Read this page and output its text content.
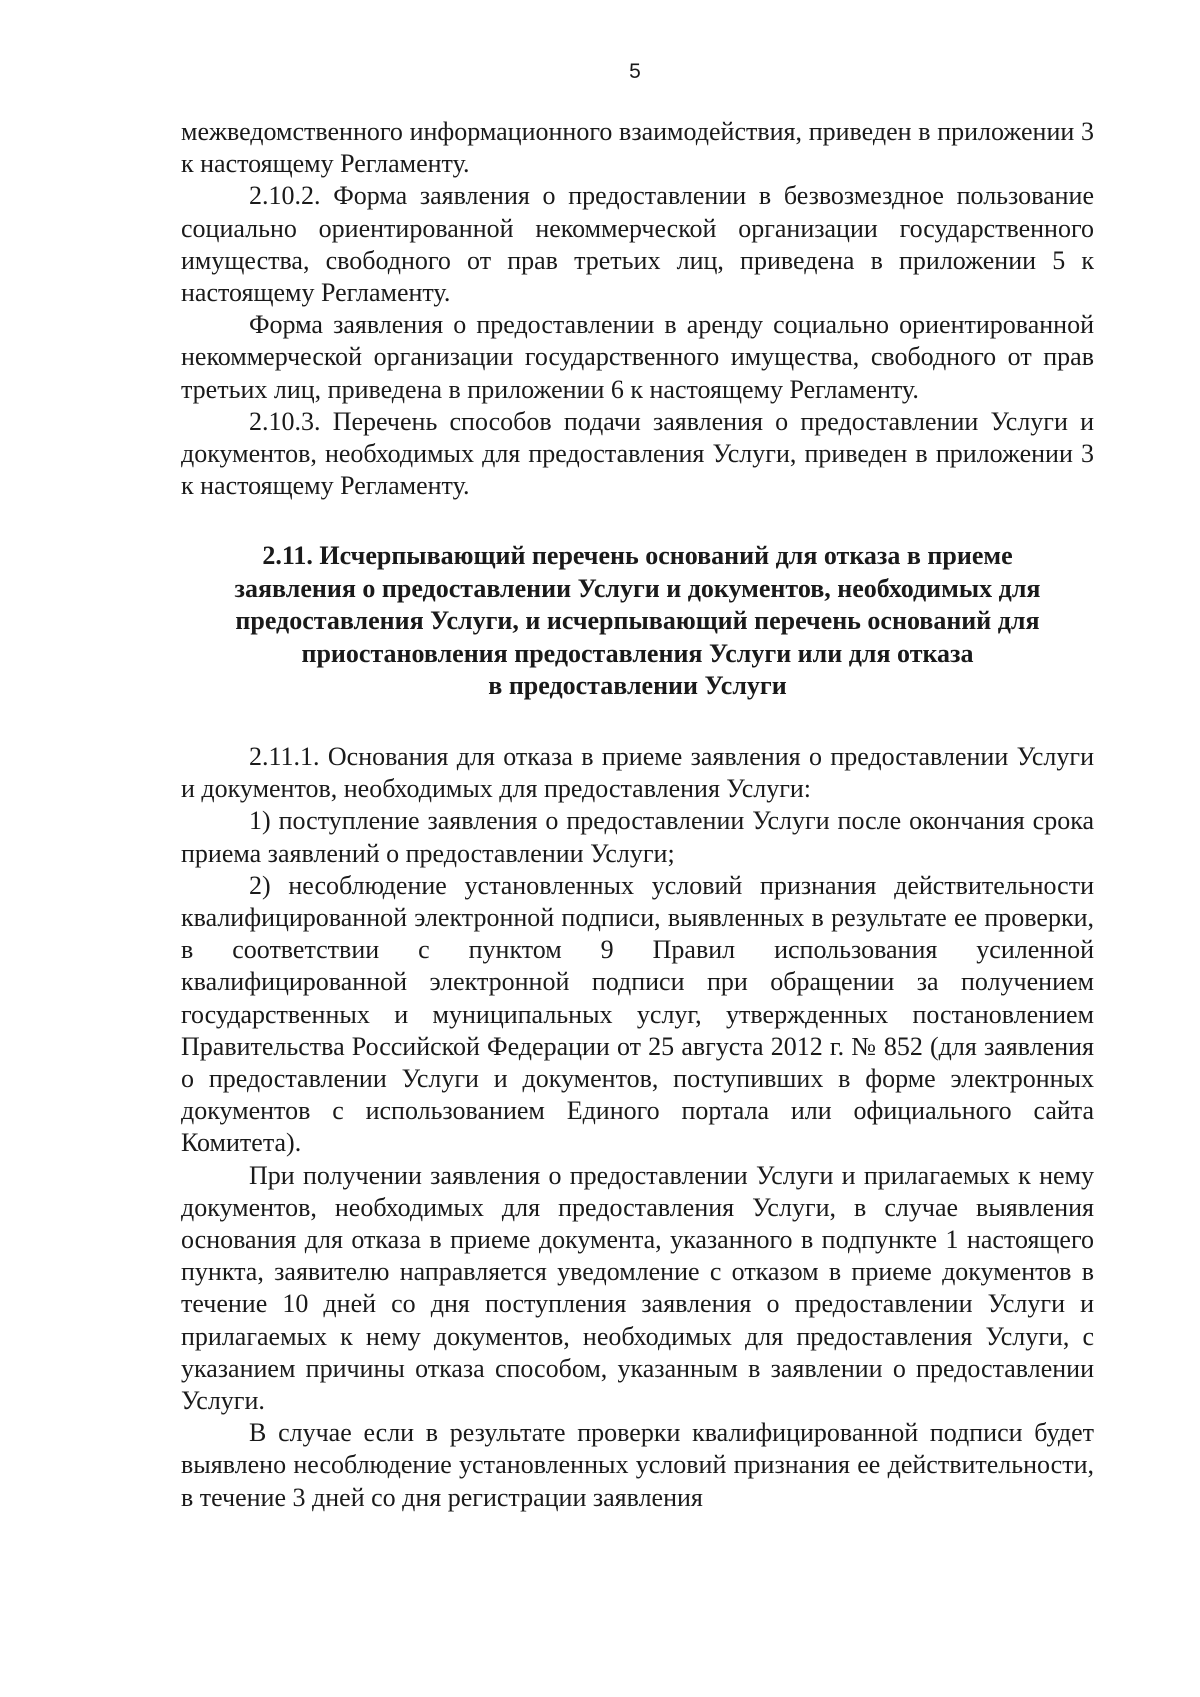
5

межведомственного информационного взаимодействия, приведен в приложении 3 к настоящему Регламенту.

2.10.2. Форма заявления о предоставлении в безвозмездное пользование социально ориентированной некоммерческой организации государственного имущества, свободного от прав третьих лиц, приведена в приложении 5 к настоящему Регламенту.

Форма заявления о предоставлении в аренду социально ориентированной некоммерческой организации государственного имущества, свободного от прав третьих лиц, приведена в приложении 6 к настоящему Регламенту.

2.10.3. Перечень способов подачи заявления о предоставлении Услуги и документов, необходимых для предоставления Услуги, приведен в приложении 3 к настоящему Регламенту.

2.11. Исчерпывающий перечень оснований для отказа в приеме
заявления о предоставлении Услуги и документов, необходимых для
предоставления Услуги, и исчерпывающий перечень оснований для
приостановления предоставления Услуги или для отказа
в предоставлении Услуги

2.11.1. Основания для отказа в приеме заявления о предоставлении Услуги и документов, необходимых для предоставления Услуги:

1) поступление заявления о предоставлении Услуги после окончания срока приема заявлений о предоставлении Услуги;

2) несоблюдение установленных условий признания действительности квалифицированной электронной подписи, выявленных в результате ее проверки, в соответствии с пунктом 9 Правил использования усиленной квалифицированной электронной подписи при обращении за получением государственных и муниципальных услуг, утвержденных постановлением Правительства Российской Федерации от 25 августа 2012 г. № 852 (для заявления о предоставлении Услуги и документов, поступивших в форме электронных документов с использованием Единого портала или официального сайта Комитета).

При получении заявления о предоставлении Услуги и прилагаемых к нему документов, необходимых для предоставления Услуги, в случае выявления основания для отказа в приеме документа, указанного в подпункте 1 настоящего пункта, заявителю направляется уведомление с отказом в приеме документов в течение 10 дней со дня поступления заявления о предоставлении Услуги и прилагаемых к нему документов, необходимых для предоставления Услуги, с указанием причины отказа способом, указанным в заявлении о предоставлении Услуги.

В случае если в результате проверки квалифицированной подписи будет выявлено несоблюдение установленных условий признания ее действительности, в течение 3 дней со дня регистрации заявления
